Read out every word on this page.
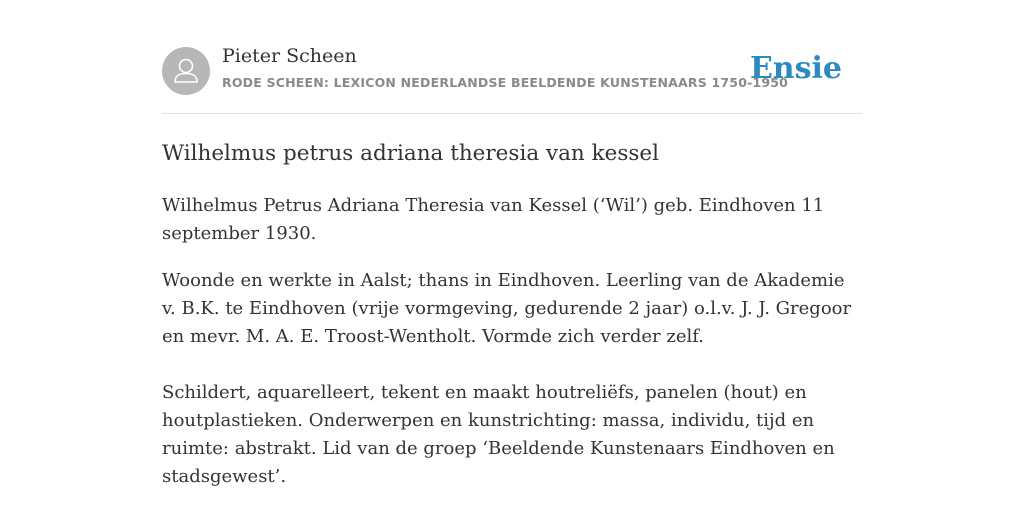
Pieter Scheen
RODE SCHEEN: LEXICON NEDERLANDSE BEELDENDE KUNSTENAARS 1750-1950
Ensie
Wilhelmus petrus adriana theresia van kessel

Wilhelmus Petrus Adriana Theresia van Kessel (‘Wil’) geb. Eindhoven 11 september 1930.

Woonde en werkte in Aalst; thans in Eindhoven. Leerling van de Akademie v. B.K. te Eindhoven (vrije vormgeving, gedurende 2 jaar) o.l.v. J. J. Gregoor en mevr. M. A. E. Troost-Wentholt. Vormde zich verder zelf.

Schildert, aquarelleert, tekent en maakt houtreliëfs, panelen (hout) en houtplastieken. Onderwerpen en kunstrichting: massa, individu, tijd en ruimte: abstrakt. Lid van de groep ‘Beeldende Kunstenaars Eindhoven en stadsgewest’.
